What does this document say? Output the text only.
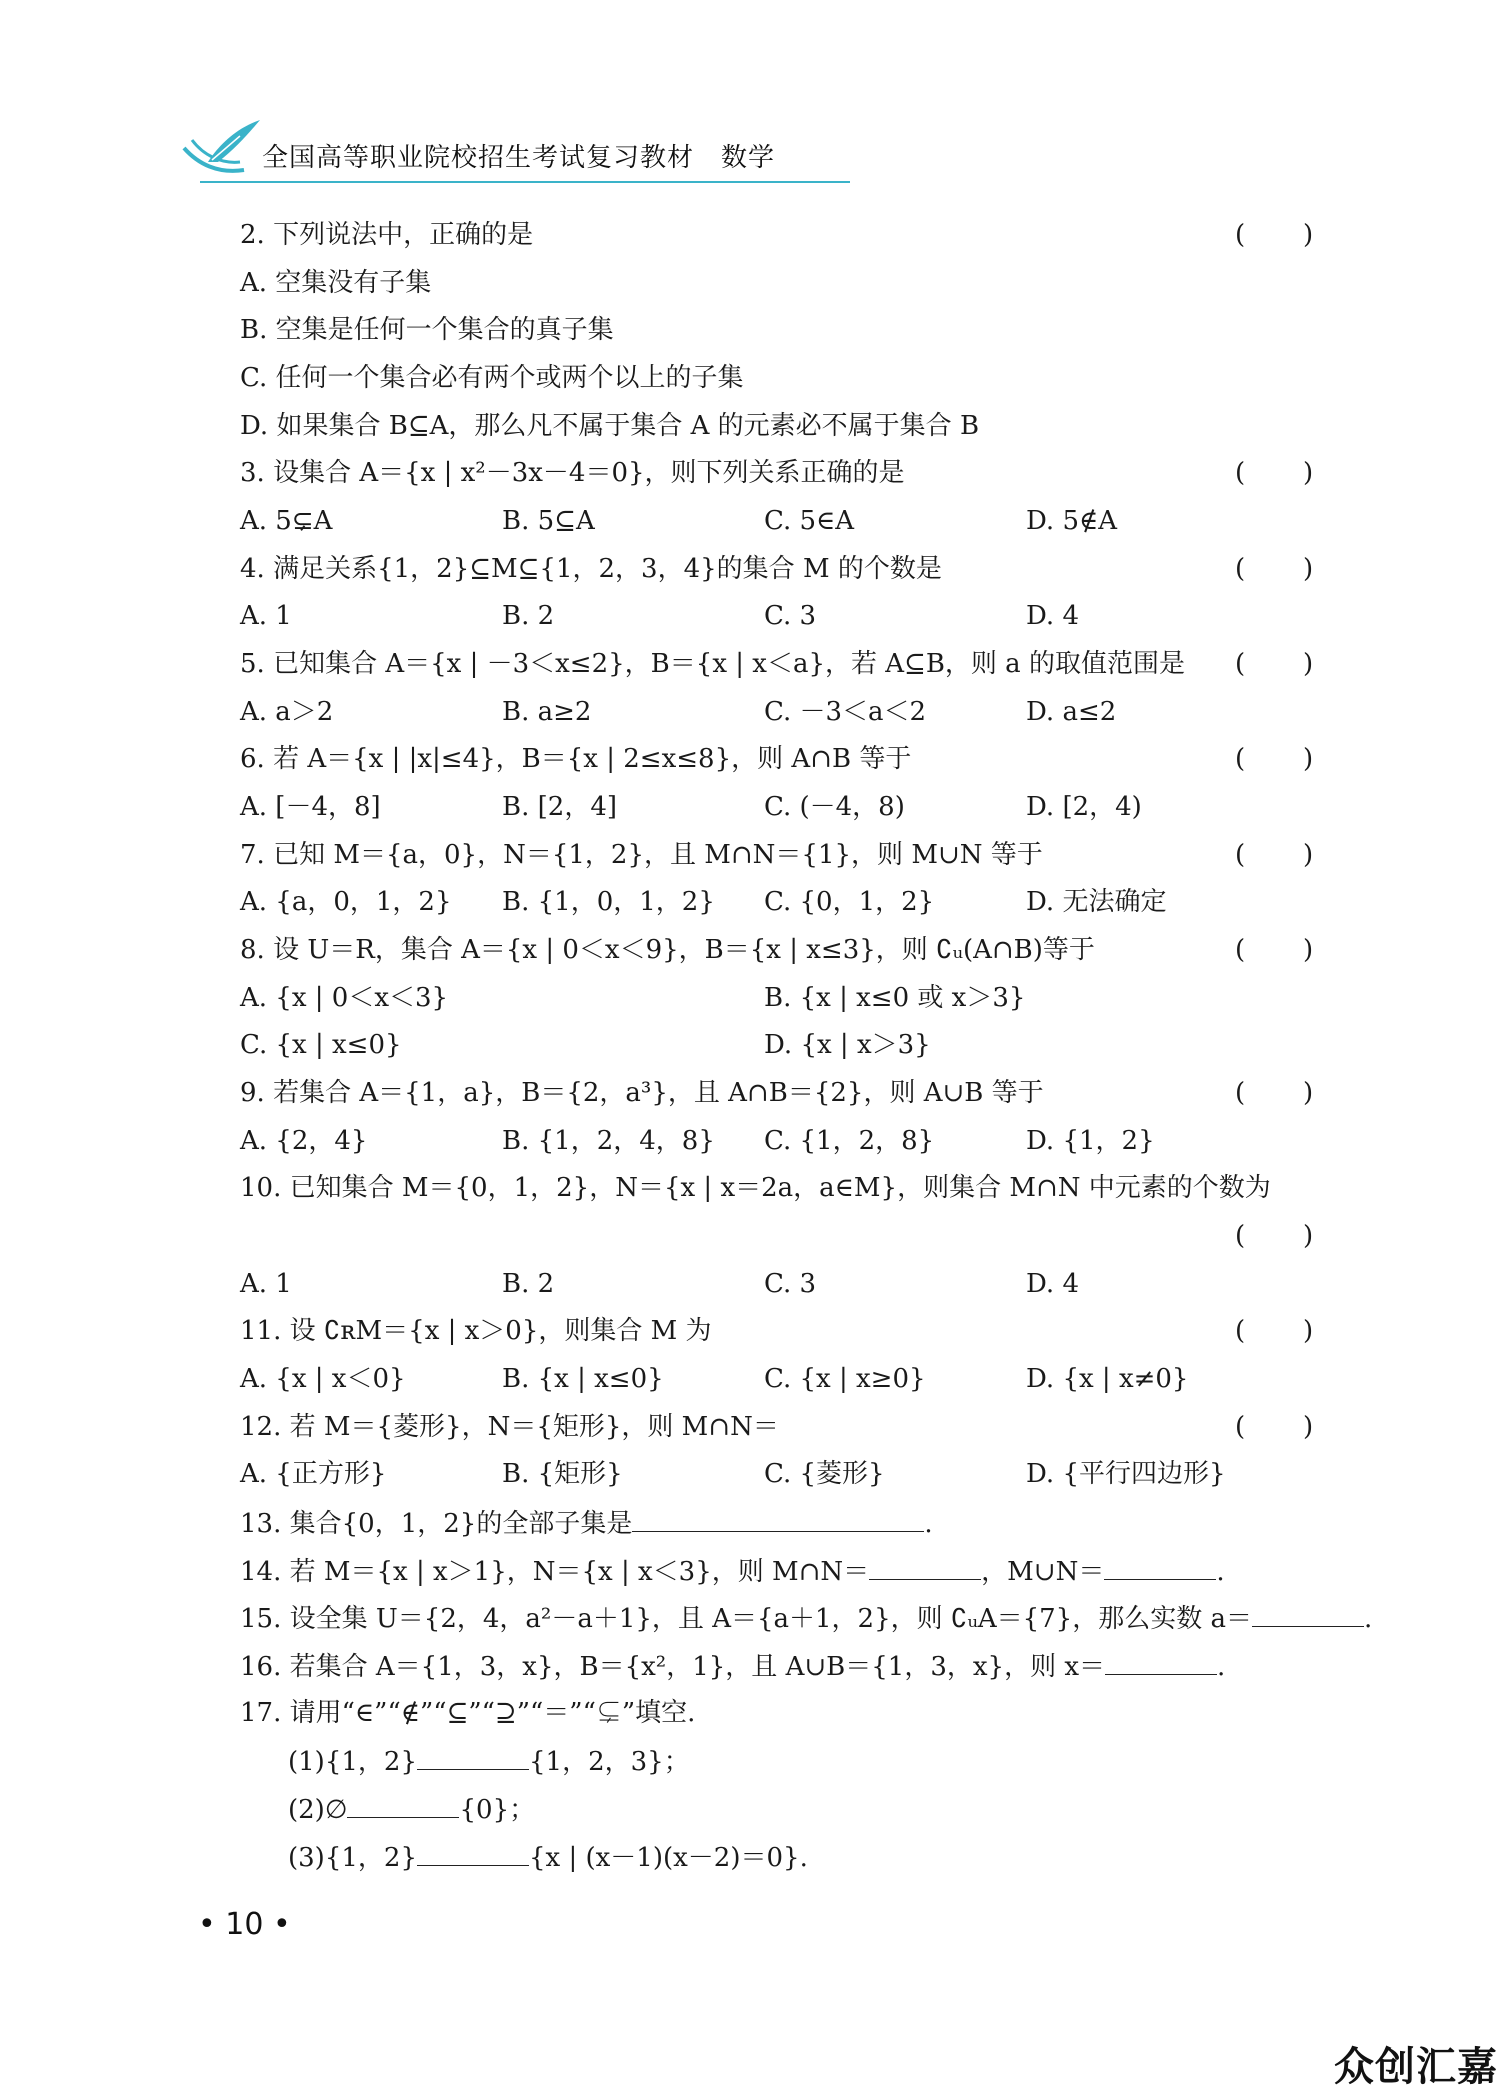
全国高等职业院校招生考试复习教材　数学
2. 下列说法中，正确的是	(       )
A. 空集没有子集
B. 空集是任何一个集合的真子集
C. 任何一个集合必有两个或两个以上的子集
D. 如果集合 B⊆A，那么凡不属于集合 A 的元素必不属于集合 B
3. 设集合 A＝{x | x²－3x－4＝0}，则下列关系正确的是	(       )
A. 5⊊A	B. 5⊆A	C. 5∈A	D. 5∉A
4. 满足关系{1，2}⊆M⊆{1，2，3，4}的集合 M 的个数是	(       )
A. 1	B. 2	C. 3	D. 4
5. 已知集合 A＝{x | －3＜x≤2}，B＝{x | x＜a}，若 A⊆B，则 a 的取值范围是 (       )
A. a＞2	B. a≥2	C. －3＜a＜2	D. a≤2
6. 若 A＝{x | |x|≤4}，B＝{x | 2≤x≤8}，则 A∩B 等于	(       )
A. [－4，8]	B. [2，4]	C. (－4，8)	D. [2，4)
7. 已知 M＝{a，0}，N＝{1，2}，且 M∩N＝{1}，则 M∪N 等于	(       )
A. {a，0，1，2} B. {1，0，1，2} C. {0，1，2}	D. 无法确定
8. 设 U＝R，集合 A＝{x | 0＜x＜9}，B＝{x | x≤3}，则 ∁ᵤ(A∩B)等于	(       )
A. {x | 0＜x＜3}	B. {x | x≤0 或 x＞3}
C. {x | x≤0}	D. {x | x＞3}
9. 若集合 A＝{1，a}，B＝{2，a³}，且 A∩B＝{2}，则 A∪B 等于	(       )
A. {2，4}	B. {1，2，4，8} C. {1，2，8}	D. {1，2}
10. 已知集合 M＝{0，1，2}，N＝{x | x＝2a，a∈M}，则集合 M∩N 中元素的个数为
(       )
A. 1	B. 2	C. 3	D. 4
11. 设 ∁ʀM＝{x | x＞0}，则集合 M 为	(       )
A. {x | x＜0}	B. {x | x≤0}	C. {x | x≥0}	D. {x | x≠0}
12. 若 M＝{菱形}，N＝{矩形}，则 M∩N＝	(       )
A. {正方形}	B. {矩形}	C. {菱形}	D. {平行四边形}
13. 集合{0，1，2}的全部子集是	.
14. 若 M＝{x | x＞1}，N＝{x | x＜3}，则 M∩N＝	，M∪N＝	.
15. 设全集 U＝{2，4，a²－a＋1}，且 A＝{a＋1，2}，则 ∁ᵤA＝{7}，那么实数 a＝	.
16. 若集合 A＝{1，3，x}，B＝{x²，1}，且 A∪B＝{1，3，x}，则 x＝	.
17. 请用“∈”“∉”“⊆”“⊇”“＝”“⊊”填空.
(1){1，2}	{1，2，3}；
(2)∅	{0}；
(3){1，2}	{x | (x－1)(x－2)＝0}.
• 10 •
众创汇嘉
